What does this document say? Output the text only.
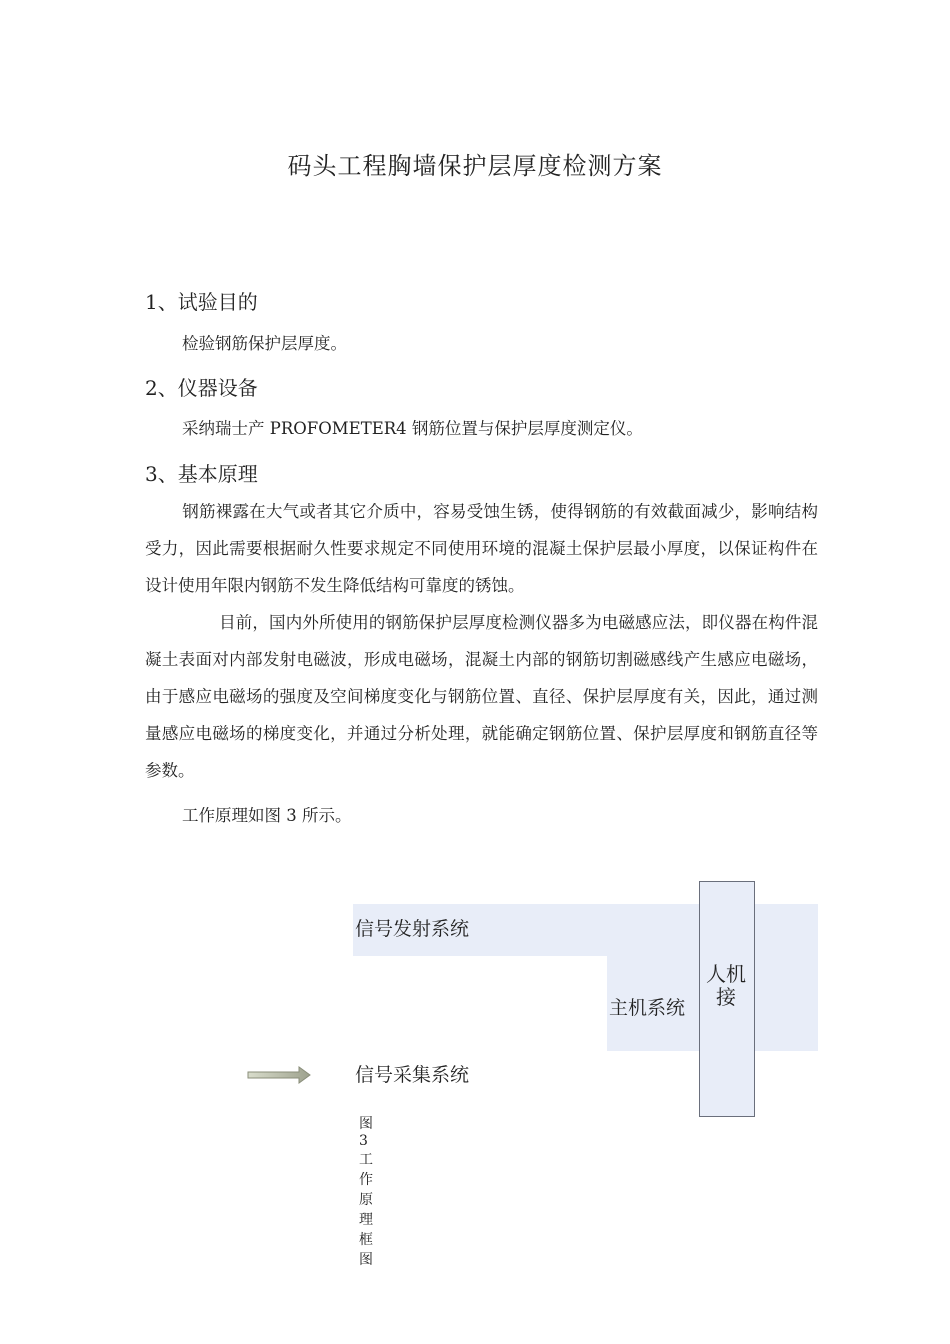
码头工程胸墙保护层厚度检测方案
1、试验目的
检验钢筋保护层厚度。
2、仪器设备
采纳瑞士产 PROFOMETER4 钢筋位置与保护层厚度测定仪。
3、基本原理
钢筋裸露在大气或者其它介质中，容易受蚀生锈，使得钢筋的有效截面减少，影响结构受力，因此需要根据耐久性要求规定不同使用环境的混凝土保护层最小厚度，以保证构件在设计使用年限内钢筋不发生降低结构可靠度的锈蚀。
目前，国内外所使用的钢筋保护层厚度检测仪器多为电磁感应法，即仪器在构件混凝土表面对内部发射电磁波，形成电磁场，混凝土内部的钢筋切割磁感线产生感应电磁场，由于感应电磁场的强度及空间梯度变化与钢筋位置、直径、保护层厚度有关，因此，通过测量感应电磁场的梯度变化，并通过分析处理，就能确定钢筋位置、保护层厚度和钢筋直径等参数。
工作原理如图 3 所示。
信号发射系统
主机系统
人机接
信号采集系统
图 3 工作原理框图
